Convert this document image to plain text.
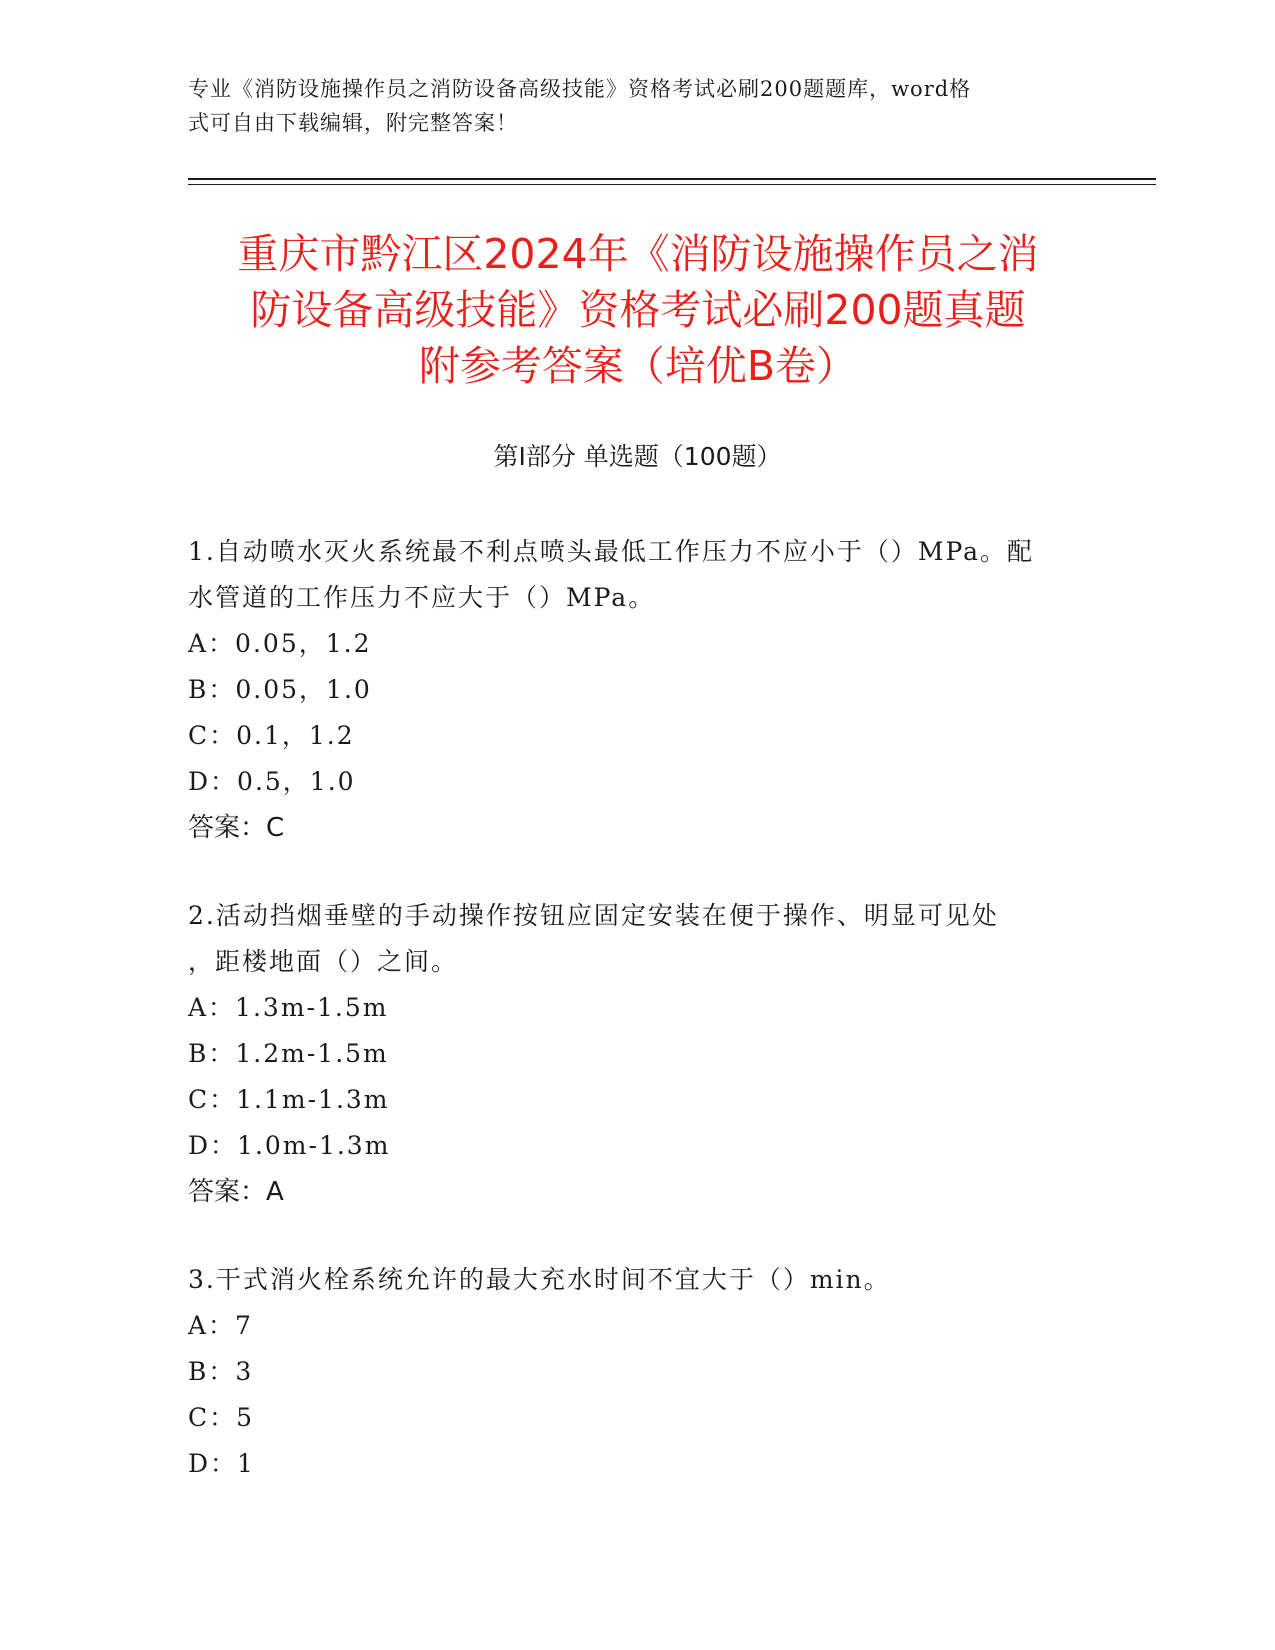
专业《消防设施操作员之消防设备高级技能》资格考试必刷200题题库，word格

式可自由下载编辑，附完整答案！

重庆市黔江区2024年《消防设施操作员之消
防设备高级技能》资格考试必刷200题真题
附参考答案（培优B卷）
第Ⅰ部分 单选题（100题）

1.自动喷水灭火系统最不利点喷头最低工作压力不应小于（）MPa。配
水管道的工作压力不应大于（）MPa。

A：0.05，1.2

B：0.05，1.0

C：0.1，1.2

D：0.5，1.0

答案：C

2.活动挡烟垂壁的手动操作按钮应固定安装在便于操作、明显可见处
，距楼地面（）之间。

A：1.3m-1.5m

B：1.2m-1.5m

C：1.1m-1.3m

D：1.0m-1.3m

答案：A

3.干式消火栓系统允许的最大充水时间不宜大于（）min。

A：7

B：3

C：5

D：1
